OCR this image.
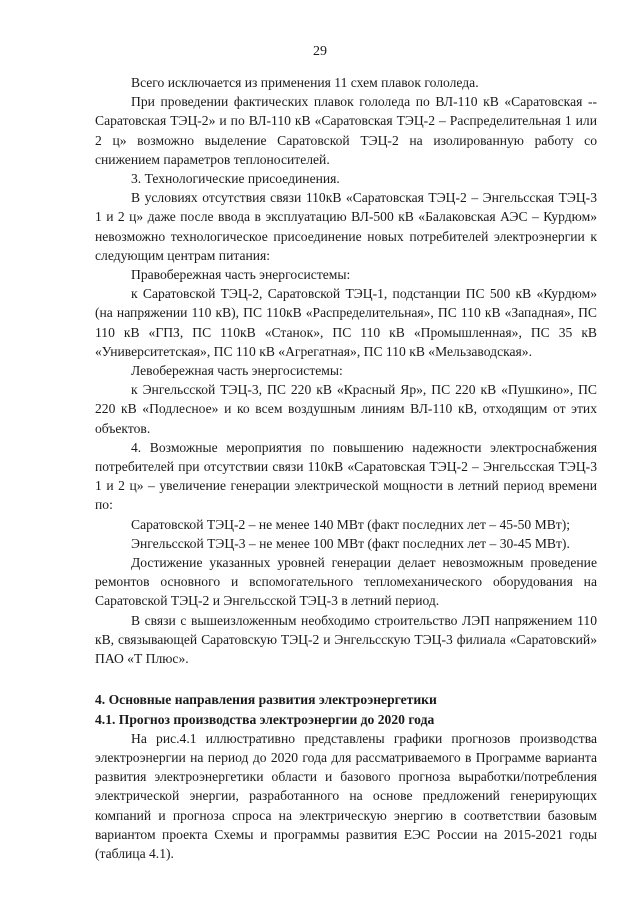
29

Всего исключается из применения 11 схем плавок гололеда.

При проведении фактических плавок гололеда по ВЛ-110 кВ «Саратовская -- Саратовская ТЭЦ-2» и по ВЛ-110 кВ «Саратовская ТЭЦ-2 – Распределительная 1 или 2 ц» возможно выделение Саратовской ТЭЦ-2 на изолированную работу со снижением параметров теплоносителей.

3. Технологические присоединения.

В условиях отсутствия связи 110кВ «Саратовская ТЭЦ-2 – Энгельсская ТЭЦ-3 1 и 2 ц» даже после ввода в эксплуатацию ВЛ-500 кВ «Балаковская АЭС – Курдюм» невозможно технологическое присоединение новых потребителей электроэнергии к следующим центрам питания:

Правобережная часть энергосистемы:

к Саратовской ТЭЦ-2, Саратовской ТЭЦ-1, подстанции ПС 500 кВ «Курдюм» (на напряжении 110 кВ), ПС 110кВ «Распределительная», ПС 110 кВ «Западная», ПС 110 кВ «ГПЗ, ПС 110кВ «Станок», ПС 110 кВ «Промышленная», ПС 35 кВ «Университетская», ПС 110 кВ «Агрегатная», ПС 110 кВ «Мельзаводская».

Левобережная часть энергосистемы:

к Энгельсской ТЭЦ-3, ПС 220 кВ «Красный Яр», ПС 220 кВ «Пушкино», ПС 220 кВ «Подлесное» и ко всем воздушным линиям ВЛ-110 кВ, отходящим от этих объектов.

4. Возможные мероприятия по повышению надежности электроснабжения потребителей при отсутствии связи 110кВ «Саратовская ТЭЦ-2 – Энгельсская ТЭЦ-3 1 и 2 ц» – увеличение генерации электрической мощности в летний период времени по:

Саратовской ТЭЦ-2 – не менее 140 МВт (факт последних лет – 45-50 МВт);

Энгельсской ТЭЦ-3 – не менее 100 МВт (факт последних лет – 30-45 МВт).

Достижение указанных уровней генерации делает невозможным проведение ремонтов основного и вспомогательного тепломеханического оборудования на Саратовской ТЭЦ-2 и Энгельсской ТЭЦ-3 в летний период.

В связи с вышеизложенным необходимо строительство ЛЭП напряжением 110 кВ, связывающей Саратовскую ТЭЦ-2 и Энгельсскую ТЭЦ-3 филиала «Саратовский» ПАО «Т Плюс».

4. Основные направления развития электроэнергетики

4.1. Прогноз производства электроэнергии до 2020 года

На рис.4.1 иллюстративно представлены графики прогнозов производства электроэнергии на период до 2020 года для рассматриваемого в Программе варианта развития электроэнергетики области и базового прогноза выработки/потребления электрической энергии, разработанного на основе предложений генерирующих компаний и прогноза спроса на электрическую энергию в соответствии базовым вариантом проекта Схемы и программы развития ЕЭС России на 2015-2021 годы (таблица 4.1).
